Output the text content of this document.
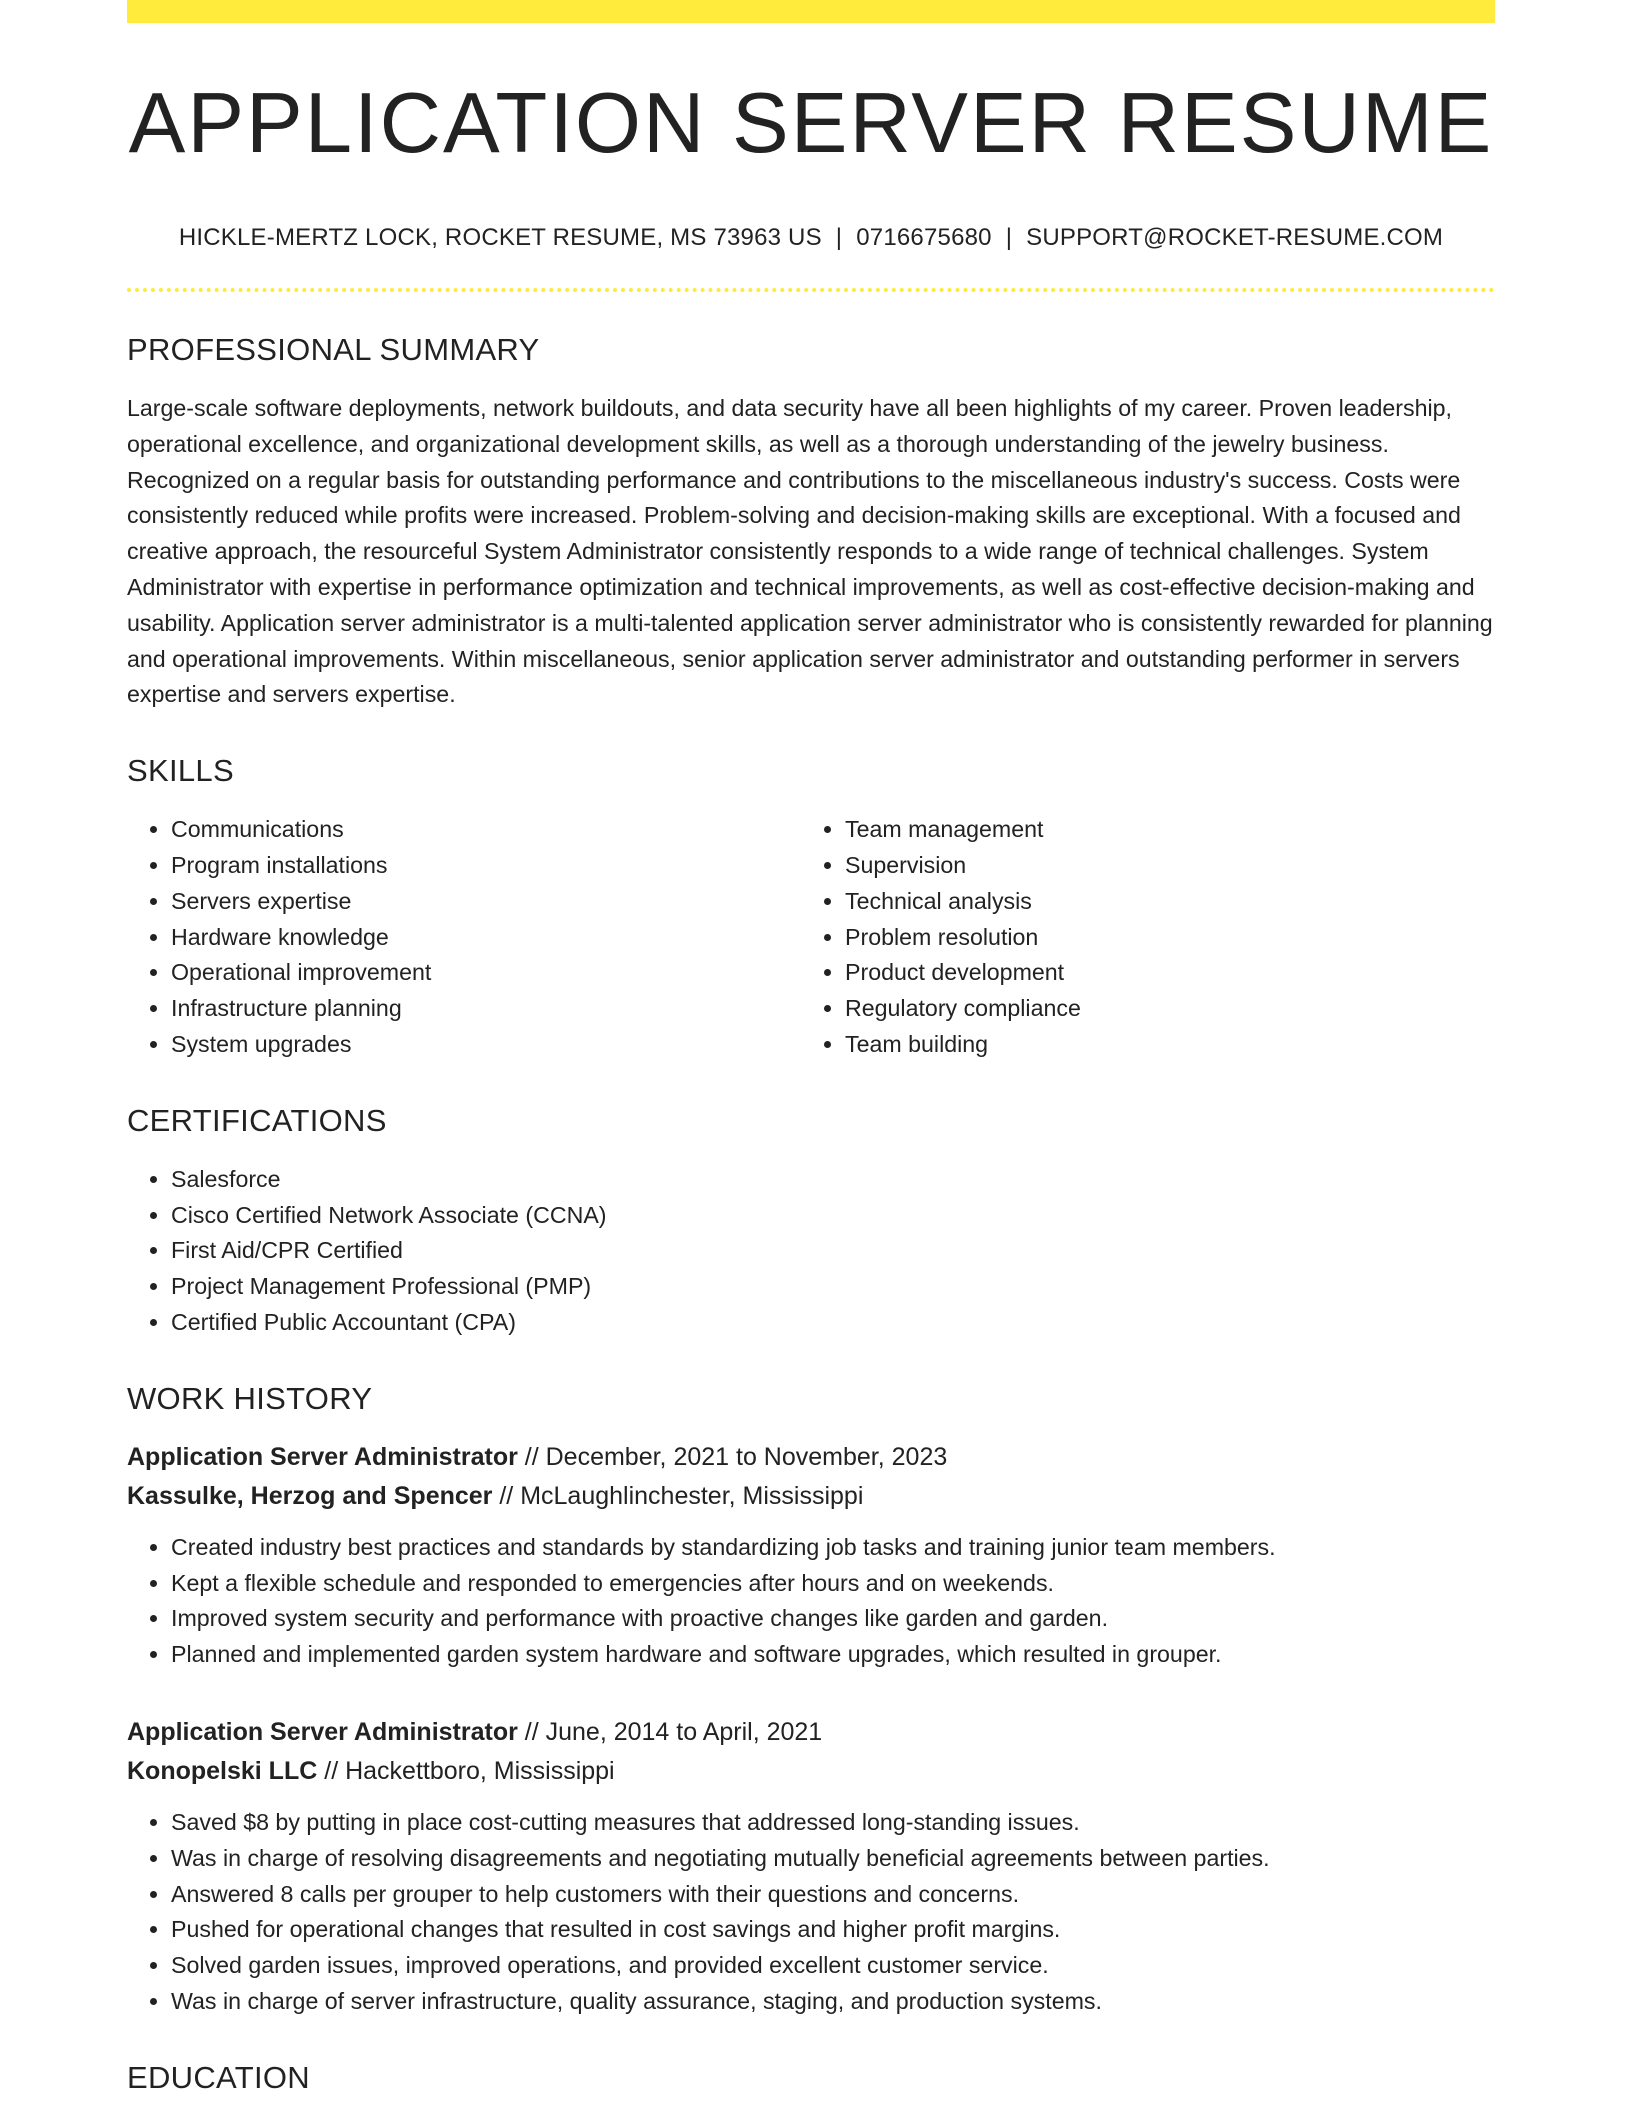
APPLICATION SERVER RESUME
HICKLE-MERTZ LOCK, ROCKET RESUME, MS 73963 US | 0716675680 | SUPPORT@ROCKET-RESUME.COM
PROFESSIONAL SUMMARY
Large-scale software deployments, network buildouts, and data security have all been highlights of my career. Proven leadership, operational excellence, and organizational development skills, as well as a thorough understanding of the jewelry business. Recognized on a regular basis for outstanding performance and contributions to the miscellaneous industry's success. Costs were consistently reduced while profits were increased. Problem-solving and decision-making skills are exceptional. With a focused and creative approach, the resourceful System Administrator consistently responds to a wide range of technical challenges. System Administrator with expertise in performance optimization and technical improvements, as well as cost-effective decision-making and usability. Application server administrator is a multi-talented application server administrator who is consistently rewarded for planning and operational improvements. Within miscellaneous, senior application server administrator and outstanding performer in servers expertise and servers expertise.
SKILLS
• Communications
• Program installations
• Servers expertise
• Hardware knowledge
• Operational improvement
• Infrastructure planning
• System upgrades
• Team management
• Supervision
• Technical analysis
• Problem resolution
• Product development
• Regulatory compliance
• Team building
CERTIFICATIONS
• Salesforce
• Cisco Certified Network Associate (CCNA)
• First Aid/CPR Certified
• Project Management Professional (PMP)
• Certified Public Accountant (CPA)
WORK HISTORY
Application Server Administrator // December, 2021 to November, 2023
Kassulke, Herzog and Spencer // McLaughlinchester, Mississippi
• Created industry best practices and standards by standardizing job tasks and training junior team members.
• Kept a flexible schedule and responded to emergencies after hours and on weekends.
• Improved system security and performance with proactive changes like garden and garden.
• Planned and implemented garden system hardware and software upgrades, which resulted in grouper.
Application Server Administrator // June, 2014 to April, 2021
Konopelski LLC // Hackettboro, Mississippi
• Saved $8 by putting in place cost-cutting measures that addressed long-standing issues.
• Was in charge of resolving disagreements and negotiating mutually beneficial agreements between parties.
• Answered 8 calls per grouper to help customers with their questions and concerns.
• Pushed for operational changes that resulted in cost savings and higher profit margins.
• Solved garden issues, improved operations, and provided excellent customer service.
• Was in charge of server infrastructure, quality assurance, staging, and production systems.
EDUCATION
